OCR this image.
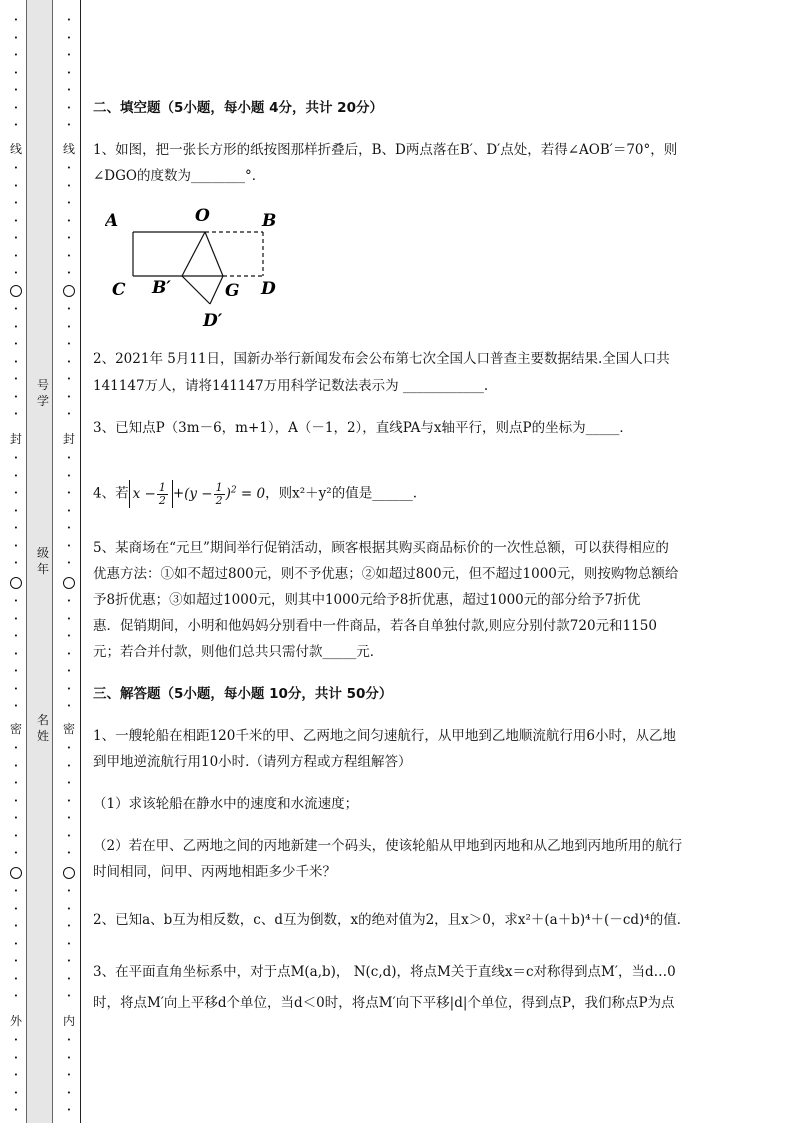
•
•
•
•
•
•
•
•
•
•
•
•
•
•
•
•
•
•
•
•
•
•
•
•
•
•
•
•
•
•
•
•
•
•
•
•
•
•
•
•
•
•
•
•
•
•
•
•
•
•
•
•
•
•
线
封
密
外
•
•
•
•
•
•
•
•
•
•
•
•
•
•
•
•
•
•
•
•
•
•
•
•
•
•
•
•
•
•
•
•
•
•
•
•
•
•
•
•
•
•
•
•
•
•
•
•
•
•
•
•
•
•
线
封
密
内
号
学
级
年
名
姓
二、填空题（5小题，每小题 4分，共计 20分）
1、如图，把一张长方形的纸按图那样折叠后，B、D两点落在B′、D′点处，若得∠AOB′＝70°，则
∠DGO的度数为________°．
A	O	B
C B′	G D
D′
2、2021年 5月11日，国新办举行新闻发布会公布第七次全国人口普查主要数据结果.全国人口共
141147万人，请将141147万用科学记数法表示为 ____________.
3、已知点P（3m－6，m+1），A（－1，2），直线PA与x轴平行，则点P的坐标为_____．
4、若 $x - \frac{1}{2} +(y - \frac{1}{2} )^2 = 0$，则x²＋y²的值是______.
5、某商场在“元旦”期间举行促销活动，顾客根据其购买商品标价的一次性总额，可以获得相应的
优惠方法：①如不超过800元，则不予优惠；②如超过800元，但不超过1000元，则按购物总额给
予8折优惠；③如超过1000元，则其中1000元给予8折优惠，超过1000元的部分给予7折优
惠．促销期间，小明和他妈妈分别看中一件商品，若各自单独付款,则应分别付款720元和1150
元；若合并付款，则他们总共只需付款_____元．
三、解答题（5小题，每小题 10分，共计 50分）
1、一艘轮船在相距120千米的甲、乙两地之间匀速航行，从甲地到乙地顺流航行用6小时，从乙地
到甲地逆流航行用10小时.（请列方程或方程组解答）
（1）求该轮船在静水中的速度和水流速度；
（2）若在甲、乙两地之间的丙地新建一个码头，使该轮船从甲地到丙地和从乙地到丙地所用的航行
时间相同，问甲、丙两地相距多少千米？
2、已知a、b互为相反数，c、d互为倒数，x的绝对值为2，且x＞0，求x²＋(a＋b)⁴＋(－cd)⁴的值．
3、在平面直角坐标系中，对于点M(a,b)， N(c,d)，将点M关于直线x＝c对称得到点M′，当d…0
时，将点M′向上平移d个单位，当d＜0时，将点M′向下平移|d|个单位，得到点P，我们称点P为点
